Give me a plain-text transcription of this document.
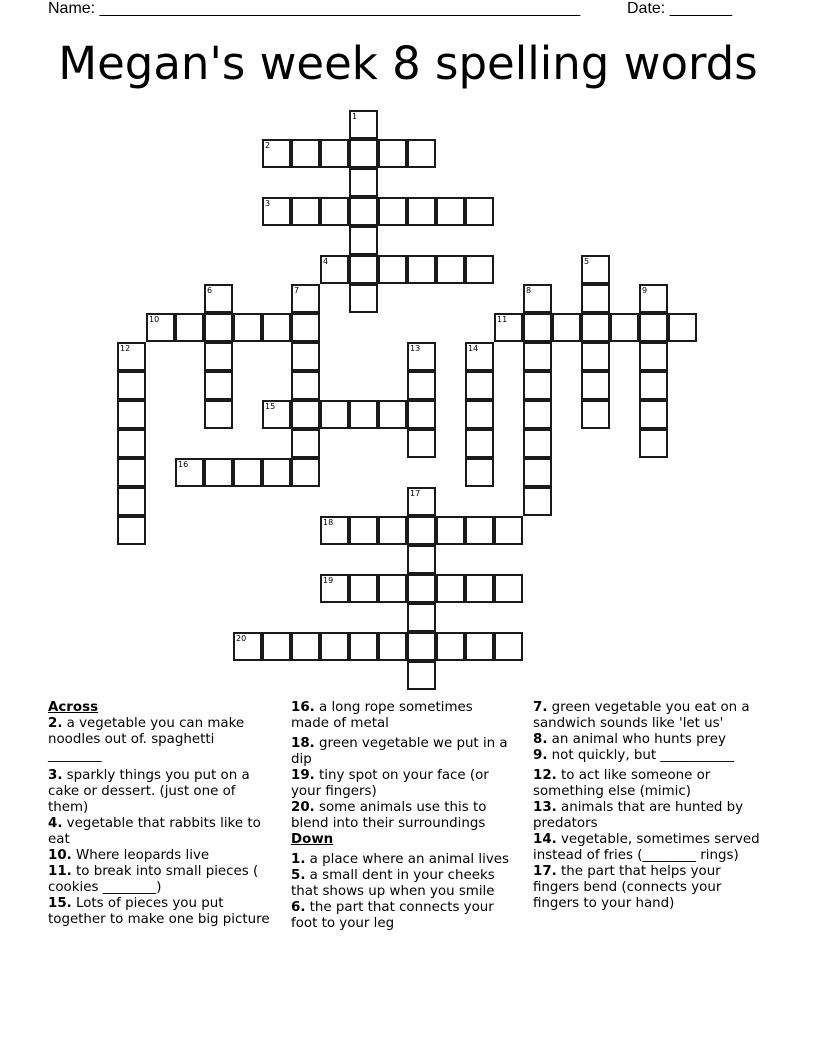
Name: ______________________________________________________	Date: _______
Megan's week 8 spelling words
1
2
3
4	5
6	7	8	9
10	11
12	13	14
15
16
17
18
19
20
Across

2. a vegetable you can make noodles out of. spaghetti ________

3. sparkly things you put on a cake or dessert. (just one of them)

4. vegetable that rabbits like to eat

10. Where leopards live

11. to break into small pieces ( cookies ________)

15. Lots of pieces you put together to make one big picture

16. a long rope sometimes made of metal

18. green vegetable we put in a dip

19. tiny spot on your face (or your fingers)

20. some animals use this to blend into their surroundings

Down

1. a place where an animal lives

5. a small dent in your cheeks that shows up when you smile

6. the part that connects your foot to your leg

7. green vegetable you eat on a sandwich sounds like 'let us'

8. an animal who hunts prey

9. not quickly, but ___________

12. to act like someone or something else (mimic)

13. animals that are hunted by predators

14. vegetable, sometimes served instead of fries (________ rings)

17. the part that helps your fingers bend (connects your fingers to your hand)
